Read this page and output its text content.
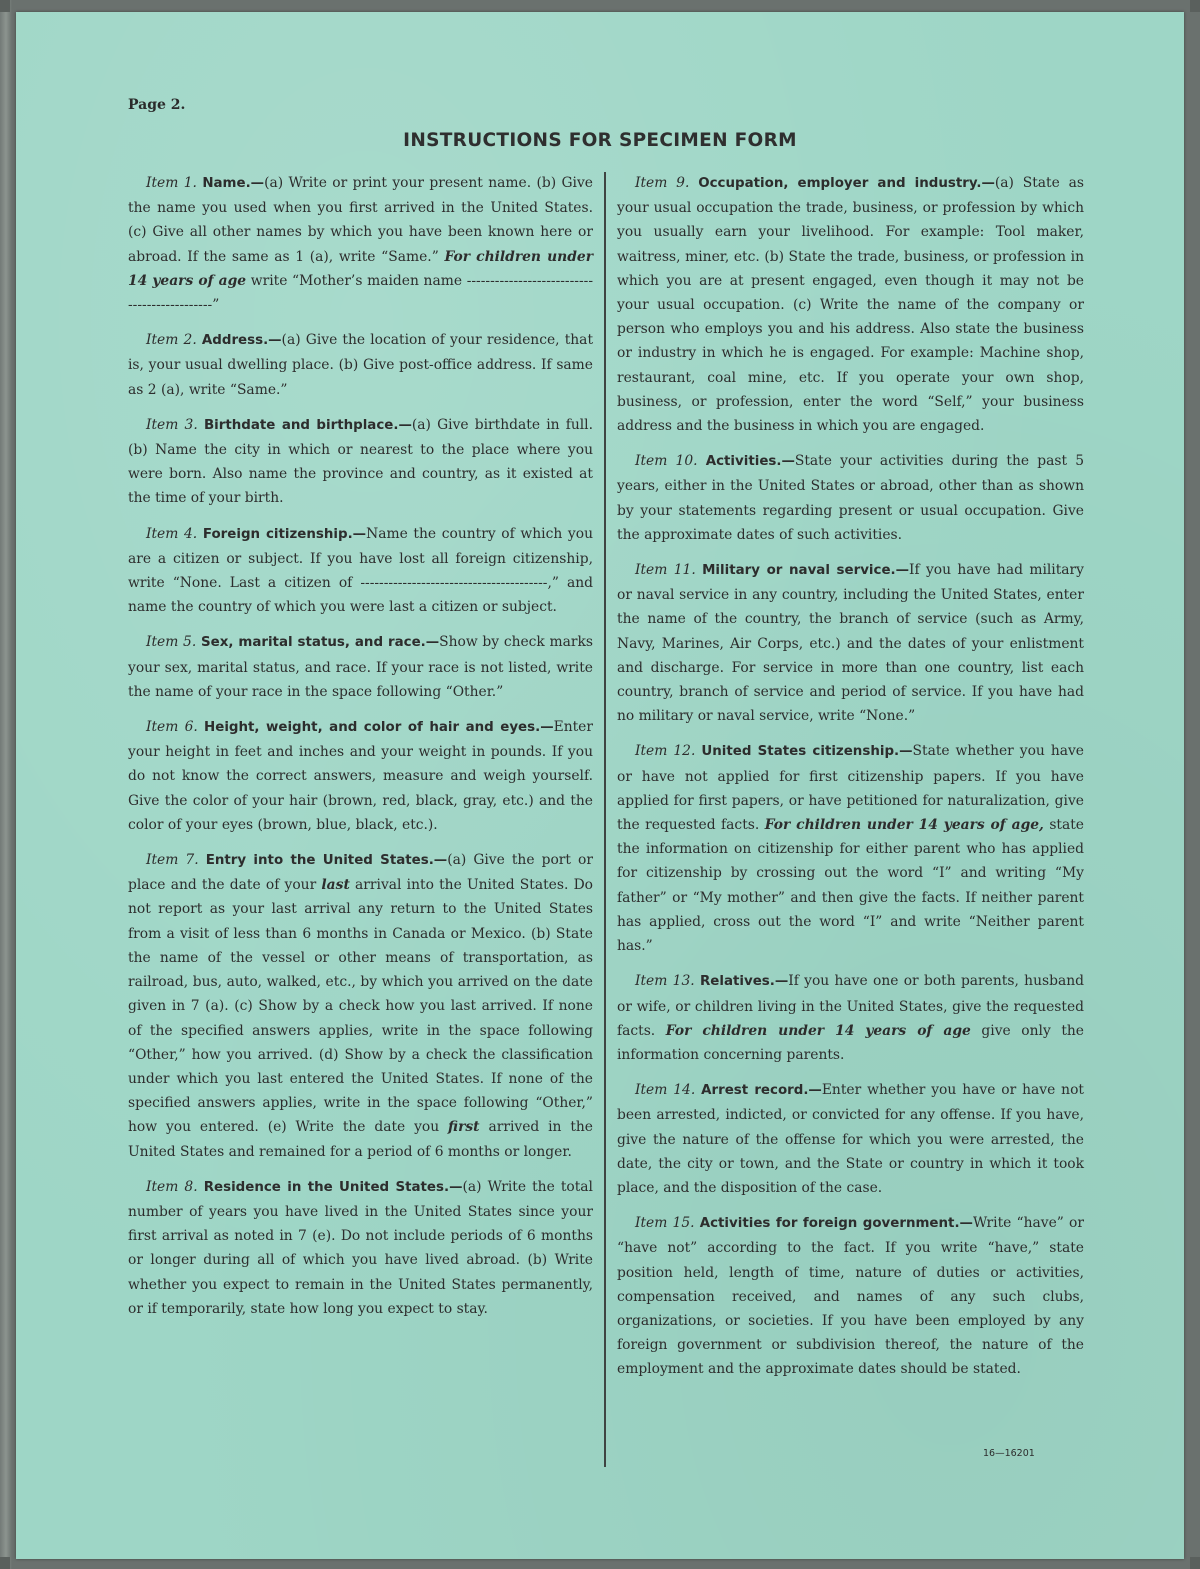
Page 2.
INSTRUCTIONS FOR SPECIMEN FORM

Item 1. Name.—(a) Write or print your present name. (b) Give the name you used when you first arrived in the United States. (c) Give all other names by which you have been known here or abroad. If the same as 1 (a), write “Same.” For children under 14 years of age write “Mother’s maiden name ---------------------------------------------”

Item 2. Address.—(a) Give the location of your residence, that is, your usual dwelling place. (b) Give post-office address. If same as 2 (a), write “Same.”

Item 3. Birthdate and birthplace.—(a) Give birthdate in full. (b) Name the city in which or nearest to the place where you were born. Also name the province and country, as it existed at the time of your birth.

Item 4. Foreign citizenship.—Name the country of which you are a citizen or subject. If you have lost all foreign citizenship, write “None. Last a citizen of ----------------------------------------,” and name the country of which you were last a citizen or subject.

Item 5. Sex, marital status, and race.—Show by check marks your sex, marital status, and race. If your race is not listed, write the name of your race in the space following “Other.”

Item 6. Height, weight, and color of hair and eyes.—Enter your height in feet and inches and your weight in pounds. If you do not know the correct answers, measure and weigh yourself. Give the color of your hair (brown, red, black, gray, etc.) and the color of your eyes (brown, blue, black, etc.).

Item 7. Entry into the United States.—(a) Give the port or place and the date of your last arrival into the United States. Do not report as your last arrival any return to the United States from a visit of less than 6 months in Canada or Mexico. (b) State the name of the vessel or other means of transportation, as railroad, bus, auto, walked, etc., by which you arrived on the date given in 7 (a). (c) Show by a check how you last arrived. If none of the specified answers applies, write in the space following “Other,” how you arrived. (d) Show by a check the classification under which you last entered the United States. If none of the specified answers applies, write in the space following “Other,” how you entered. (e) Write the date you first arrived in the United States and remained for a period of 6 months or longer.

Item 8. Residence in the United States.—(a) Write the total number of years you have lived in the United States since your first arrival as noted in 7 (e). Do not include periods of 6 months or longer during all of which you have lived abroad. (b) Write whether you expect to remain in the United States permanently, or if temporarily, state how long you expect to stay.

Item 9. Occupation, employer and industry.—(a) State as your usual occupation the trade, business, or profession by which you usually earn your livelihood. For example: Tool maker, waitress, miner, etc. (b) State the trade, business, or profession in which you are at present engaged, even though it may not be your usual occupation. (c) Write the name of the company or person who employs you and his address. Also state the business or industry in which he is engaged. For example: Machine shop, restaurant, coal mine, etc. If you operate your own shop, business, or profession, enter the word “Self,” your business address and the business in which you are engaged.

Item 10. Activities.—State your activities during the past 5 years, either in the United States or abroad, other than as shown by your statements regarding present or usual occupation. Give the approximate dates of such activities.

Item 11. Military or naval service.—If you have had military or naval service in any country, including the United States, enter the name of the country, the branch of service (such as Army, Navy, Marines, Air Corps, etc.) and the dates of your enlistment and discharge. For service in more than one country, list each country, branch of service and period of service. If you have had no military or naval service, write “None.”

Item 12. United States citizenship.—State whether you have or have not applied for first citizenship papers. If you have applied for first papers, or have petitioned for naturalization, give the requested facts. For children under 14 years of age, state the information on citizenship for either parent who has applied for citizenship by crossing out the word “I” and writing “My father” or “My mother” and then give the facts. If neither parent has applied, cross out the word “I” and write “Neither parent has.”

Item 13. Relatives.—If you have one or both parents, husband or wife, or children living in the United States, give the requested facts. For children under 14 years of age give only the information concerning parents.

Item 14. Arrest record.—Enter whether you have or have not been arrested, indicted, or convicted for any offense. If you have, give the nature of the offense for which you were arrested, the date, the city or town, and the State or country in which it took place, and the disposition of the case.

Item 15. Activities for foreign government.—Write “have” or “have not” according to the fact. If you write “have,” state position held, length of time, nature of duties or activities, compensation received, and names of any such clubs, organizations, or societies. If you have been employed by any foreign government or subdivision thereof, the nature of the employment and the approximate dates should be stated.

16—16201
